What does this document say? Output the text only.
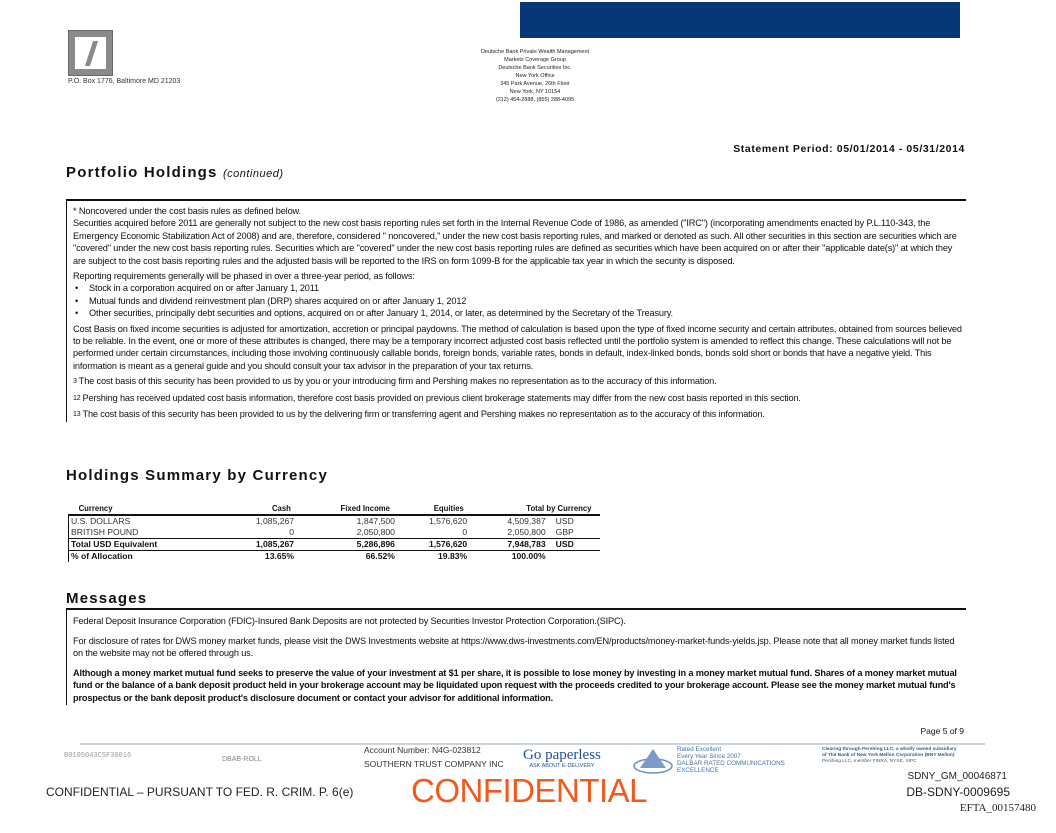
P.O. Box 1776, Baltimore MD 21203
Deutsche Bank Private Wealth Management
Markets Coverage Group
Deutsche Bank Securities Inc.
New York Office
345 Park Avenue, 26th Floor
New York, NY 10154
(212) 454-2888, (855) 288-4095
Statement Period: 05/01/2014 - 05/31/2014
Portfolio Holdings (continued)

* Noncovered under the cost basis rules as defined below.

Securities acquired before 2011 are generally not subject to the new cost basis reporting rules set forth in the Internal Revenue Code of 1986, as amended ("IRC") (incorporating amendments enacted by P.L.110-343, the Emergency Economic Stabilization Act of 2008) and are, therefore, considered " noncovered," under the new cost basis reporting rules, and marked or denoted as such. All other securities in this section are securities which are "covered" under the new cost basis reporting rules. Securities which are "covered" under the new cost basis reporting rules are defined as securities which have been acquired on or after their "applicable date(s)" at which they are subject to the cost basis reporting rules and the adjusted basis will be reported to the IRS on form 1099-B for the applicable tax year in which the security is disposed.

Reporting requirements generally will be phased in over a three-year period, as follows:

• Stock in a corporation acquired on or after January 1, 2011
• Mutual funds and dividend reinvestment plan (DRP) shares acquired on or after January 1, 2012
• Other securities, principally debt securities and options, acquired on or after January 1, 2014, or later, as determined by the Secretary of the Treasury.

Cost Basis on fixed income securities is adjusted for amortization, accretion or principal paydowns. The method of calculation is based upon the type of fixed income security and certain attributes, obtained from sources believed to be reliable. In the event, one or more of these attributes is changed, there may be a temporary incorrect adjusted cost basis reflected until the portfolio system is amended to reflect this change. These calculations will not be performed under certain circumstances, including those involving continuously callable bonds, foreign bonds, variable rates, bonds in default, index-linked bonds, bonds sold short or bonds that have a negative yield. This information is meant as a general guide and you should consult your tax advisor in the preparation of your tax returns.

$^3$ The cost basis of this security has been provided to us by you or your introducing firm and Pershing makes no representation as to the accuracy of this information.

$^{12}$ Pershing has received updated cost basis information, therefore cost basis provided on previous client brokerage statements may differ from the new cost basis reported in this section.

$^{13}$ The cost basis of this security has been provided to us by the delivering firm or transferring agent and Pershing makes no representation as to the accuracy of this information.

Holdings Summary by Currency
Currency	Cash	Fixed Income	Equities	Total by Currency	
U.S. DOLLARS	1,085,267	1,847,500	1,576,620	4,509,387	USD
BRITISH POUND	0	2,050,800	0	2,050,800	GBP
Total USD Equivalent	1,085,267	5,286,896	1,576,620	7,948,783	USD
% of Allocation	13.65%	66.52%	19.83%	100.00%	
Messages

Federal Deposit Insurance Corporation (FDIC)-Insured Bank Deposits are not protected by Securities Investor Protection Corporation.(SIPC).

For disclosure of rates for DWS money market funds, please visit the DWS Investments website at https://www.dws-investments.com/EN/products/money-market-funds-yields.jsp. Please note that all money market funds listed on the website may not be offered through us.

Although a money market mutual fund seeks to preserve the value of your investment at $1 per share, it is possible to lose money by investing in a money market mutual fund. Shares of a money market mutual fund or the balance of a bank deposit product held in your brokerage account may be liquidated upon request with the proceeds credited to your brokerage account. Please see the money market mutual fund's prospectus or the bank deposit product's disclosure document or contact your advisor for additional information.

Page 5 of 9
B0105043CSF30016	DBAB-ROLL
Account Number: N4G-023812
SOUTHERN TRUST COMPANY INC
Go paperless
ASK ABOUT E-DELIVERY
Rated Excellent
Every Year Since 2007
DALBAR RATED COMMUNICATIONS
EXCELLENCE
Clearing through Pershing LLC, a wholly owned subsidiary
of The Bank of New York Mellon Corporation (BNY Mellon)
Pershing LLC, member FINRA, NYSE, SIPC
CONFIDENTIAL
CONFIDENTIAL – PURSUANT TO FED. R. CRIM. P. 6(e)
SDNY_GM_00046871
DB-SDNY-0009695
EFTA_00157480
